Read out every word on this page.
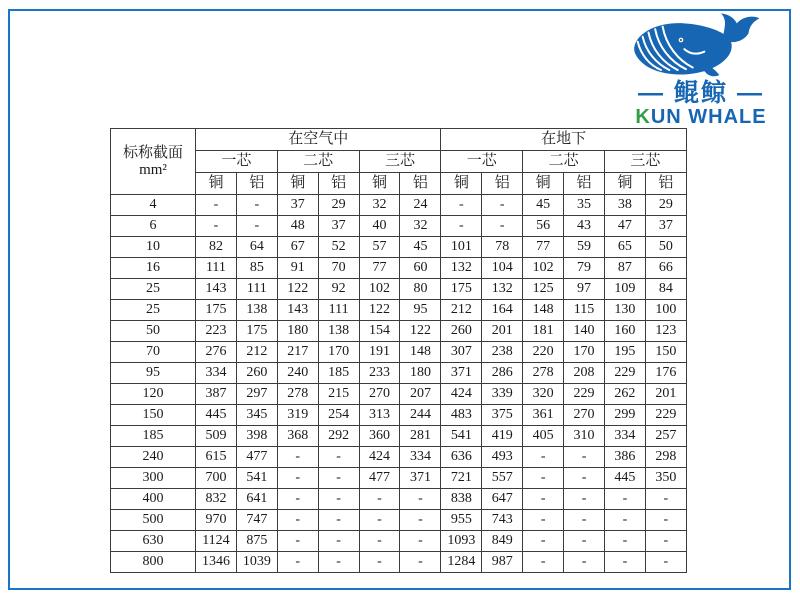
— 鲲鲸 —
KUN WHALE
标称截面
mm²	在空气中						在地下					
	一芯		二芯		三芯		一芯		二芯		三芯	
	铜	铝	铜	铝	铜	铝	铜	铝	铜	铝	铜	铝
4	-	-	37	29	32	24	-	-	45	35	38	29
6	-	-	48	37	40	32	-	-	56	43	47	37
10	82	64	67	52	57	45	101	78	77	59	65	50
16	111	85	91	70	77	60	132	104	102	79	87	66
25	143	111	122	92	102	80	175	132	125	97	109	84
25	175	138	143	111	122	95	212	164	148	115	130	100
50	223	175	180	138	154	122	260	201	181	140	160	123
70	276	212	217	170	191	148	307	238	220	170	195	150
95	334	260	240	185	233	180	371	286	278	208	229	176
120	387	297	278	215	270	207	424	339	320	229	262	201
150	445	345	319	254	313	244	483	375	361	270	299	229
185	509	398	368	292	360	281	541	419	405	310	334	257
240	615	477	-	-	424	334	636	493	-	-	386	298
300	700	541	-	-	477	371	721	557	-	-	445	350
400	832	641	-	-	-	-	838	647	-	-	-	-
500	970	747	-	-	-	-	955	743	-	-	-	-
630	1124	875	-	-	-	-	1093	849	-	-	-	-
800	1346	1039	-	-	-	-	1284	987	-	-	-	-
